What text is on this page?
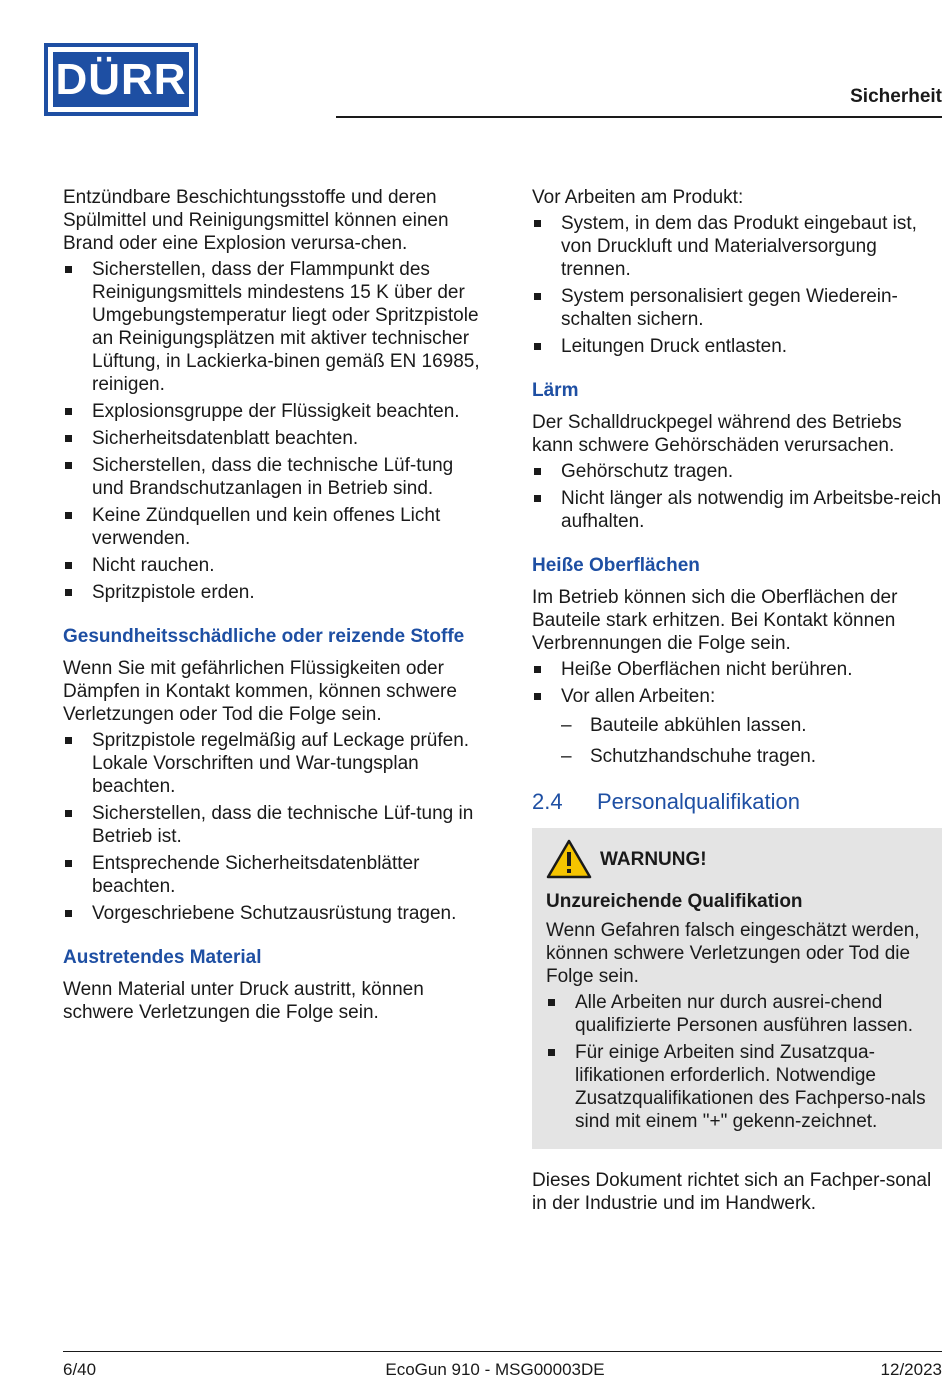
DÜRR	Sicherheit

Entzündbare Beschichtungsstoffe und deren Spülmittel und Reinigungsmittel können einen Brand oder eine Explosion verursa-chen.

Sicherstellen, dass der Flammpunkt des Reinigungsmittels mindestens 15 K über der Umgebungstemperatur liegt oder Spritzpistole an Reinigungsplätzen mit aktiver technischer Lüftung, in Lackierka-binen gemäß EN 16985, reinigen.
Explosionsgruppe der Flüssigkeit beachten.
Sicherheitsdatenblatt beachten.
Sicherstellen, dass die technische Lüf-tung und Brandschutzanlagen in Betrieb sind.
Keine Zündquellen und kein offenes Licht verwenden.
Nicht rauchen.
Spritzpistole erden.
Gesundheitsschädliche oder reizende Stoffe

Wenn Sie mit gefährlichen Flüssigkeiten oder Dämpfen in Kontakt kommen, können schwere Verletzungen oder Tod die Folge sein.

Spritzpistole regelmäßig auf Leckage prüfen. Lokale Vorschriften und War-tungsplan beachten.
Sicherstellen, dass die technische Lüf-tung in Betrieb ist.
Entsprechende Sicherheitsdatenblätter beachten.
Vorgeschriebene Schutzausrüstung tragen.
Austretendes Material

Wenn Material unter Druck austritt, können schwere Verletzungen die Folge sein.

Vor Arbeiten am Produkt:

System, in dem das Produkt eingebaut ist, von Druckluft und Materialversorgung trennen.
System personalisiert gegen Wiederein-schalten sichern.
Leitungen Druck entlasten.
Lärm

Der Schalldruckpegel während des Betriebs kann schwere Gehörschäden verursachen.

Gehörschutz tragen.
Nicht länger als notwendig im Arbeitsbe-reich aufhalten.
Heiße Oberflächen

Im Betrieb können sich die Oberflächen der Bauteile stark erhitzen. Bei Kontakt können Verbrennungen die Folge sein.

Heiße Oberflächen nicht berühren.
Vor allen Arbeiten:
– Bauteile abkühlen lassen.
– Schutzhandschuhe tragen.
2.4 Personalqualifikation
WARNUNG!
Unzureichende Qualifikation

Wenn Gefahren falsch eingeschätzt werden, können schwere Verletzungen oder Tod die Folge sein.

Alle Arbeiten nur durch ausrei-chend qualifizierte Personen ausführen lassen.
Für einige Arbeiten sind Zusatzqua-lifikationen erforderlich. Notwendige Zusatzqualifikationen des Fachperso-nals sind mit einem "+" gekenn-zeichnet.

Dieses Dokument richtet sich an Fachper-sonal in der Industrie und im Handwerk.

6/40	EcoGun 910 - MSG00003DE	12/2023
